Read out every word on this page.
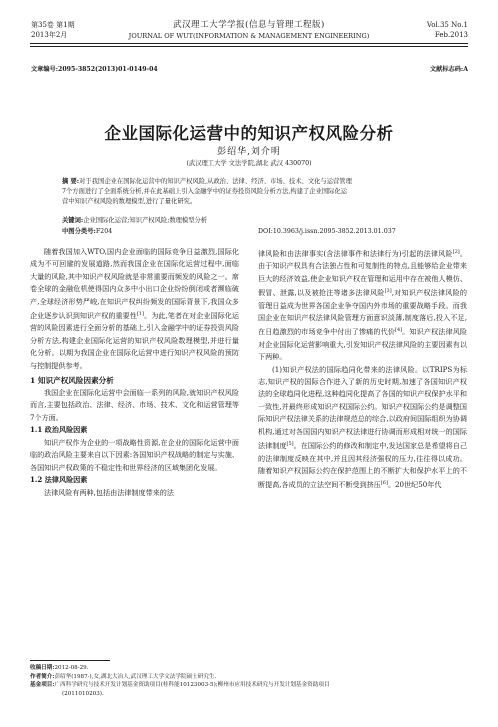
第35卷 第1期
2013年2月
武汉理工大学学报(信息与管理工程版)
JOURNAL OF WUT(INFORMATION & MANAGEMENT ENGINEERING)
Vol.35 No.1
Feb.2013
文章编号:2095-3852(2013)01-0149-04	文献标志码:A
企业国际化运营中的知识产权风险分析
彭绍华,刘介明
(武汉理工大学 文法学院,湖北 武汉 430070)

摘 要:对于我国企业在国际化运营中的知识产权风险,从政治、法律、经济、市场、技术、文化与运营管理

7个方面进行了全面系统分析,并在此基础上引入金融学中的证券投资风险分析方法,构建了企业国际化运

营中知识产权风险的数理模型,进行了量化研究。

关键词:企业国际化运营;知识产权风险;数理模型分析
中图分类号:F204	DOI:10.3963/j.issn.2095-3852.2013.01.037

随着我国加入WTO,国内企业面临的国际竞争日益激烈,国际化成为不可回避的发展道路,然而我国企业在国际化运营过程中,面临大量的风险,其中知识产权风险就是非常重要而频发的风险之一。席卷全球的金融危机使得国内众多中小出口企业纷纷倒闭或者濒临破产,全球经济形势严峻,在知识产权纠纷频发的国际背景下,我国众多企业逐步认识到知识产权的重要性[1]。为此,笔者在对企业国际化运营的风险因素进行全面分析的基础上,引入金融学中的证券投资风险分析方法,构建企业国际化运营的知识产权风险数理模型,并进行量化分析。以期为我国企业在国际化运营中进行知识产权风险的预防与控制提供参考。

1 知识产权风险因素分析

我国企业在国际化运营中会面临一系列的风险,就知识产权风险而言,主要包括政治、法律、经济、市场、技术、文化和运营管理等7个方面。

1.1 政治风险因素

知识产权作为企业的一项战略性资源,在企业的国际化运营中面临的政治风险主要来自以下因素:各国知识产权战略的制定与实施、各国知识产权政策的不稳定性和世界经济的区域集团化发展。

1.2 法律风险因素

法律风险有两种,包括由法律制度带来的法

律风险和由法律事实(含法律事件和法律行为)引起的法律风险[2]。由于知识产权具有合法独占性和可复制性的特点,且能够给企业带来巨大的经济效益,使企业知识产权在管理和运用中存在被他人模仿、假冒、泄露,以及被抢注等诸多法律风险[3],对知识产权法律风险的管理日益成为世界各国企业争夺国内外市场的重要战略手段。而我国企业在知识产权法律风险管理方面意识淡薄,制度落后,投入不足,在日趋激烈的市场竞争中付出了惨痛的代价[4]。知识产权法律风险对企业国际化运营影响重大,引发知识产权法律风险的主要因素有以下两种。

(1)知识产权法的国际趋同化带来的法律风险。以TRIPS为标志,知识产权的国际合作进入了新的历史时期,加速了各国知识产权法的全球趋同化进程,这种趋同化提高了各国的知识产权保护水平和一致性,并最终形成知识产权国际公约。知识产权国际公约是调整国际知识产权法律关系的法律规范总的综合,以政府间国际组织为协调机构,通过对各国国内知识产权法律进行协调而形成相对统一的国际法律制度[5]。在国际公约的修改和制定中,发达国家总是希望将自己的法律制度反映在其中,并且因其经济强权的压力,往往得以成功。随着知识产权国际公约在保护范围上的不断扩大和保护水平上的不断提高,各成员的立法空间不断受到挤压[6]。20世纪50年代

收稿日期:2012-08-29.

作者简介:彭绍华(1987-),女,湖北大冶人,武汉理工大学文法学院硕士研究生.

基金项目:广西科学研究与技术开发计划基金资助项目(桂科能10123003-5);柳州市应用技术研究与开发计划基金资助项目

(2011010203).
